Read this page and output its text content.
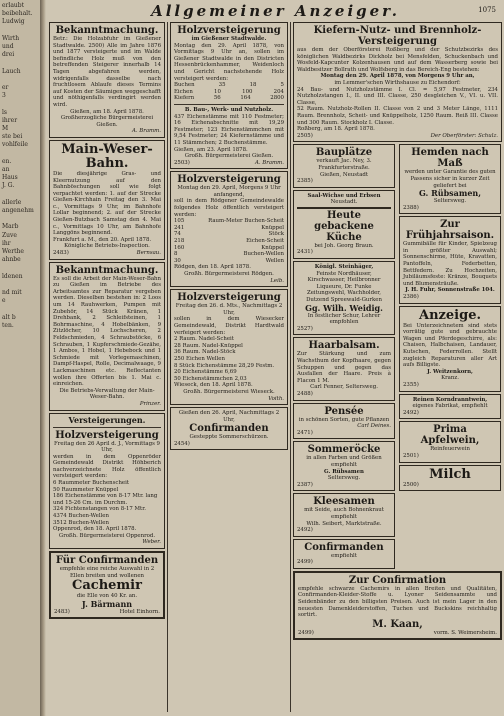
erlaubt
beibehalt.
Ludwig

Wirth
und
drei

Lauch

er
3

ls
ihrer
M
ste bei
vohlfeile

en.
an
Haus
J. G.

allerle
angenehm

Marb
Zuve
ihr
Werthe
ahnbe

ldenen

nd mit
e

alt b
ten.
Allgemeiner Anzeiger.	1075
Bekanntmachung.
Betr.: Die Holzabfuhr im Gießener Stadtwalde. 2500) Alle im Jahre 1876 und 1877 versteigerte und im Walde befindliche Holz muß von den betreffenden Steigerer innerhalb 14 Tagen abgefahren werden, widrigenfalls dasselbe nach fruchtlosem Ablaufe dieses Termins auf Kosten der Säumigen weggeschafft und nöthigenfalls verdingirt werden wird.
Gießen, am 18. April 1878.
Großherzogliche Bürgermeisterei Gießen.
A. Bramm.
Main-Weser-Bahn.
Die diesjährige Gras- und Kleernutzung auf den Bahnböschungen soll wie folgt verpachtet werden: 1. auf der Strecke Gießen-Kirchhain Freitag den 3. Mai c., Vormittags 9 Uhr, im Bahnhofe Lollar beginnend; 2. auf der Strecke Gießen-Butzbach Samstag den 4. Mai c., Vormittags 10 Uhr, am Bahnhofe Langgöns beginnend.
Frankfurt a. M., den 20. April 1878.
Königliche Betriebs-Inspection.
2483)	Bernsau.
Bekanntmachung.
Es soll die Arbeit der Main-Weser-Bahn zu Gießen im Betriebe des Arbeitsamtes zur Reparatur vergeben werden. Dieselben bestehen in: 2 Loos um 14 Rauhwerken, Pumpen mit Zubehör, 14 Stück Kränen, 1 Drehbank, 2 Schleifsteinen, 1 Bohrmaschine, 4 Hobelbänken, 9 Zitzlöcher, 10 Lochscheren, 2 Feldschmieden, 4 Schraubstöcke, 6 Schrauben, 1 Kupferschmiede-Gezähe, 1 Ambos, 1 Hobel, 1 Hebebock und 1 Schmiede mit Vorlegemaschinen, Dampf-Haspel, Rolle, Decimalwaage, 9 Lackmaschinen etc. Reflectanten wollen ihre Offerten bis 1. Mai c. einreichen.
Die Betriebs-Verwaltung der Main-Weser-Bahn.
Prinzer.
Versteigerungen.
Holzversteigerung
Freitag den 26 April d. J., Vormittags 9 Uhr,
werden in dem Oppenröder Gemeindewald Distrikt Höhberich nachverzeichnete Holz öffentlich versteigert werden:
6 Raummeter Buchenscheit
50 Raummeter Knüppel
186 Eichenstämme von 8-17 Mtr. lang und 15-26 Cm. im Durchm.
324 Fichtenstangen von 8-17 Mtr.
4374 Buchen-Wellen
3512 Buchen-Wellen
Oppenrod, den 18. April 1878.
Großh. Bürgermeisterei Oppenrod.
Weber.
Für Confirmanden
empfehle eine reiche Auswahl in 2 Ellen breiten und wollenen
Cachemir
die Elle von 40 Kr. an.
J. Bärmann
2483)	Hotel Einhorn.
Holzversteigerung
im Gießener Stadtwalde.
Montag den 29. April 1878, von Vormittags 9 Uhr an, sollen im Gießener Stadtwalde in den Districten Hessenbrückenhammer, Weidenloch und Gericht nachstehende Holz versteigert werden:
Buchen	35	18	5
Eichen	10	100	204
Kiefern	56	164	2800
B. Bau-, Werk- und Nutzholz.
437 Eichenstämme mit 110 Festmeter; 16 Eichenabschnitte mit 19,29 Festmeter; 123 Eichenstämmchen mit 9,54 Festmeter; 24 Kiefernstämme und 11 Stämmchen; 2 Buchenstämme.
Gießen, am 23. April 1878.
Großh. Bürgermeisterei Gießen.
2503)	A. Bramm.
Holzversteigerung
Montag den 29. April, Morgens 9 Uhr anfangend,
soll in dem Rödgener Gemeindewalde folgendes Holz öffentlich versteigert werden:
105	Raum-Meter Buchen-Scheit
241	Knüppel
74	Stöck
218	Eichen-Scheit
160	Knüppel
8	Buchen-Wellen
30	Wellen
Rödgen, den 18. April 1878.
Großh. Bürgermeisterei Rödgen.
Leib.
Holzversteigerung
Freitag den 26. d. Mts., Nachmittags 2 Uhr,
sollen in dem Wiesecker Gemeindewald, Distrikt Hardtwald verfeigert werden:
2 Raum. Nadel-Scheit
28 Raum. Nadel-Knüppel
36 Raum. Nadel-Stöck
250 Eichen Wellen
8 Stück Eichenstämme 28,29 Festm.
20 Eichenstämme 6,69
50 Eichenstämmchen 2,03
Wieseck, den 18. April 1878.
Großh. Bürgermeisterei Wieseck.
Voith.
Gießen den 26. April, Nachmittags 2 Uhr,
Confirmanden
Gesteppte Sommerschürzen.
2454)
Kiefern-Nutz- und Brennholz-Versteigerung
aus dem der Oberförsterei Roßberg und der Schutzbezirks des königlichen Waldbezirks Dickholz bei Mensfelden, Schuckenbach und Wosfeld-Kapcunter Kolzenhausen und auf dem Wasserberg sowie bei Waldbesitzer Bollrath und Wolfsberg in das Bereich-Eng bestehen:
Montag den 29. April 1878, von Morgens 9 Uhr an,
im Lemmer'schen Wirthshause zu Eichendorf:
24 Bau- und Nutzholzstämme I. Cl. = 5,97 Festmeter, 234 Nutzholzstangen I., II. und III. Classe, 250 desgleichen V., VI. u. VII. Classe,
52 Raum. Nutzholz-Rollen II. Classe von 2 und 3 Meter Länge, 1111 Raum. Brennholz, Scheit- und Knüppelholz, 1250 Raum. Reiß III. Classe und 300 Raum. Stockholz I. Classe.
Roßberg, am 18. April 1878.
2505)	Der Oberförster: Schulz.
Bauplätze
verkauft Jac. Ney, 3. Frankfurterstraße.
Gießen, Neustadt
2385)
Saal-Wichse und Erbsen
Neustadt.
Heute gebackene Küche
bei Joh. Georg Braun.
2431)
Königl. Steinhäger,
Feinste Nordhäuser, Kirschwasser, Heilbronner Liqueure, Dr. Funke Zeitungswehl, Wachholder, Dutzend Spreewald-Gurken
Gg. Wilh. Weidig.
In festlicher Schur, Lehrer empfohlen
2527)
Haarbalsam.
Zur Stärkung und zum Wachsthum der Kopfhaare, gegen Schuppen und gegen das Ausfallen der Haare. Preis à Flacon 1 M.
Carl Fenner, Seltersweg.
2488)
Pensée
in schönen Sorten, gute Pflanzen
Carl Deines.
2471)
Sommeröcke
in allen Farben und Größen empfiehlt
G. Rübsamen
Seltersweg.
2387)
Kleesamen
mit Seide, auch Bohnenkraut empfiehlt
Wilh. Seibert, Marktstraße.
2492)
Confirmanden
empfiehlt
2499)
Hemden nach Maß
werden unter Garantie des guten Passens sicher in kurzer Zeit geliefert bei
G. Rübsamen,
Seltersweg.
2388)
Zur Frühjahrsaison.
Gummibälle für Kinder, Spielzeug in größter Auswahl; Sonnenschirme, Hüte, Kravatten, Pantoffeln, Federbetten, Bettfedern. Zu Hochzeiten, Jubiläumsfeste: Kränze, Bouquets und Blumensträuße.
J. H. Fuhr, Sonnenstraße 104.
2386)
Anzeige.
Bei Unterzeichnetem sind stets vorrätig gute und gebrauchte Wagen und Pferdegeschirre, als: Chaisen, Halbchaisen, Landauer, Kutschen, Federrollen. Stellt zugleich Reparaturen aller Art aufs Billigste.
J. Weitzenkorn,
Kranz.
2355)
Reinen Korndranntwein,
eigenes Fabrikat, empfiehlt
2492)
Prima Apfelwein,
Reinfeuerwein
2501)
Milch
2500)
Zur Confirmation
empfehle schwarze Cachemirs in allen Breiten und Qualitäten, Confirmanden-Kleider-Stoffe u. Lyoner Seidensammte und Seidenbänder zu den billigsten Preisen. Auch ist mein Lager in den neuesten Damenkleiderstoffen, Tuchen und Buckskins reichhaltig sortirt.
M. Kaan,
2499)	vorm. S. Weimersheim.
